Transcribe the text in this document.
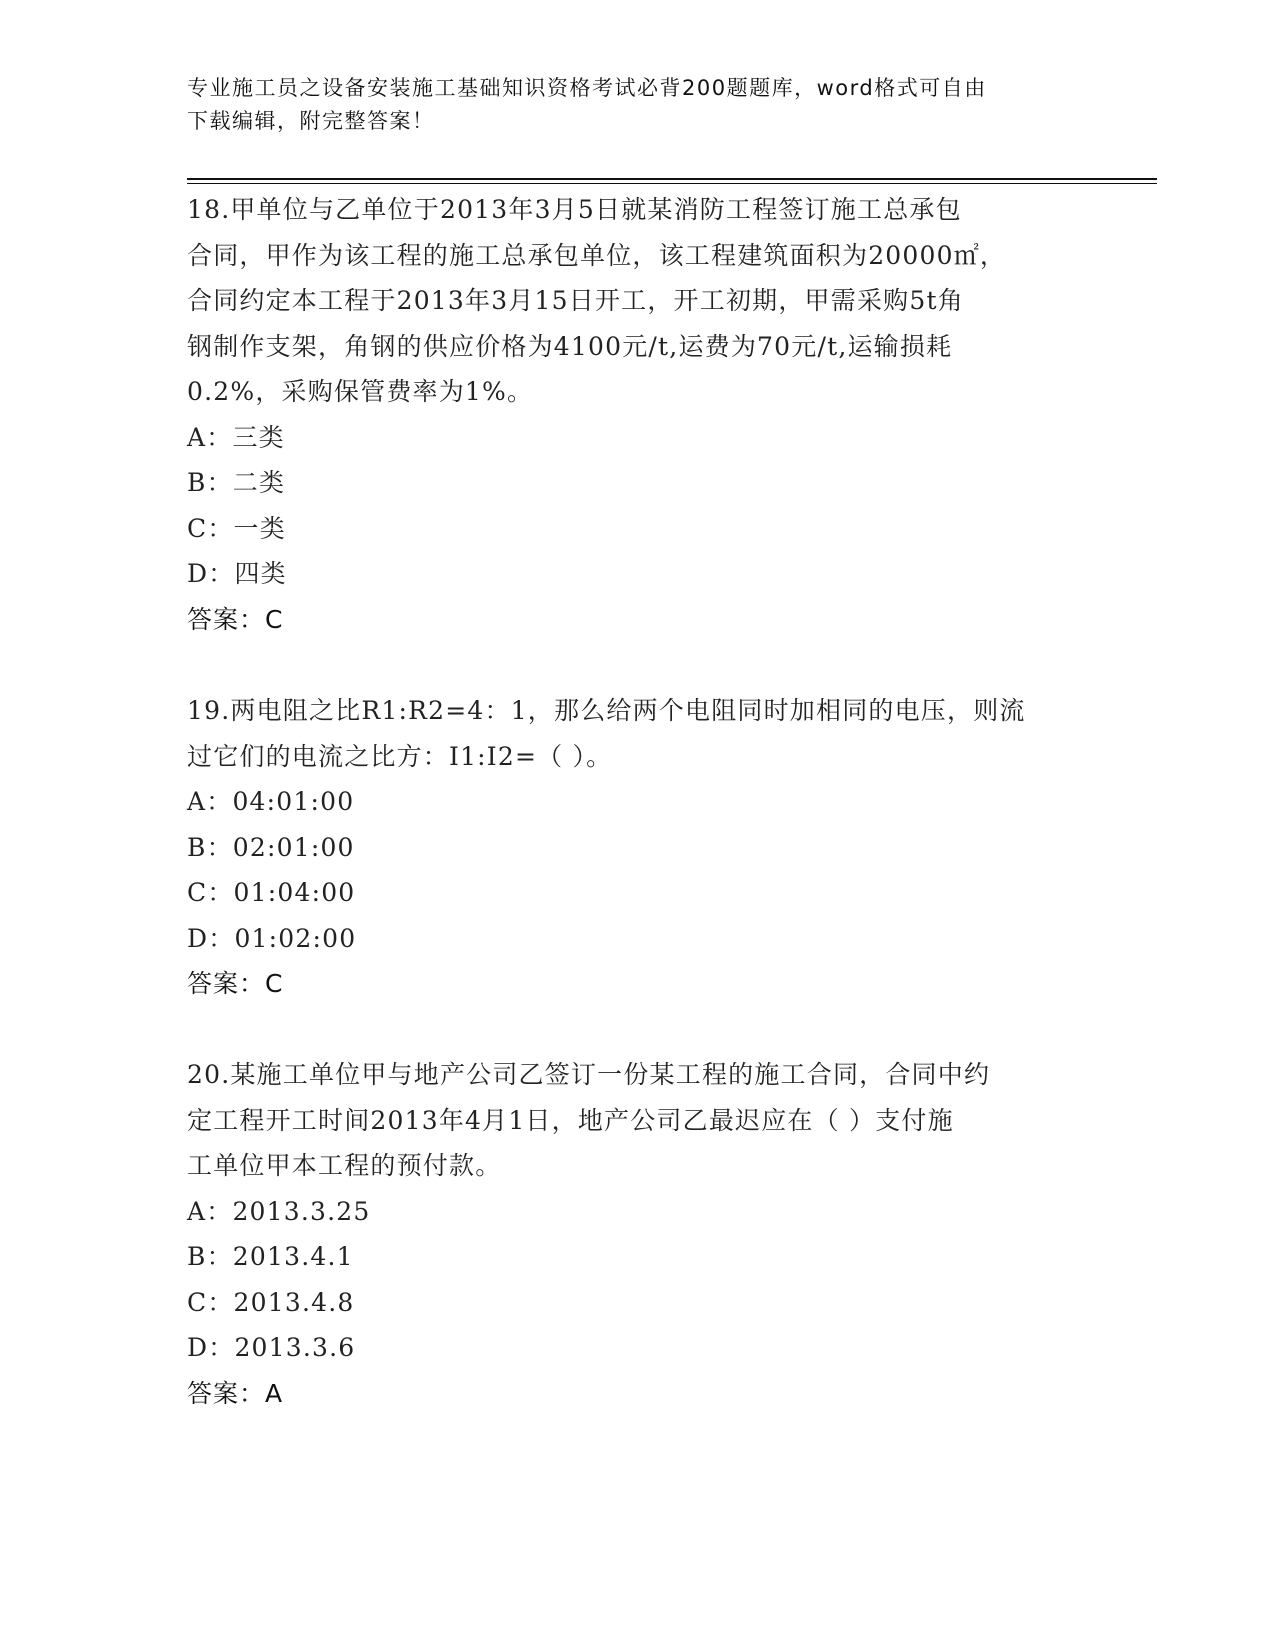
专业施工员之设备安装施工基础知识资格考试必背200题题库，word格式可自由
下载编辑，附完整答案！

18.甲单位与乙单位于2013年3月5日就某消防工程签订施工总承包

合同，甲作为该工程的施工总承包单位，该工程建筑面积为20000㎡，

合同约定本工程于2013年3月15日开工，开工初期，甲需采购5t角

钢制作支架，角钢的供应价格为4100元/t,运费为70元/t,运输损耗

0.2%，采购保管费率为1%。

A：三类

B：二类

C：一类

D：四类

答案：C

19.两电阻之比R1:R2=4：1，那么给两个电阻同时加相同的电压，则流

过它们的电流之比方：I1:I2=（ ）。

A：04:01:00

B：02:01:00

C：01:04:00

D：01:02:00

答案：C

20.某施工单位甲与地产公司乙签订一份某工程的施工合同，合同中约

定工程开工时间2013年4月1日，地产公司乙最迟应在（ ）支付施

工单位甲本工程的预付款。

A：2013.3.25

B：2013.4.1

C：2013.4.8

D：2013.3.6

答案：A
